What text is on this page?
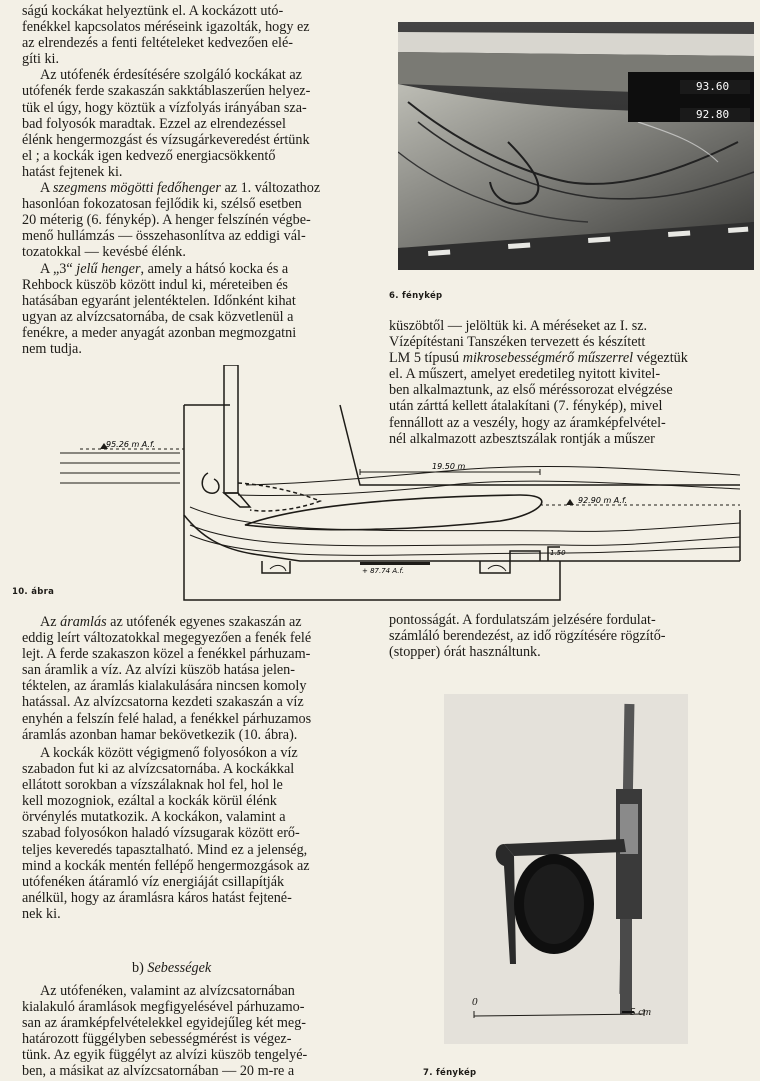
ságú kockákat helyeztünk el. A kockázott utó-
fenékkel kapcsolatos méréseink igazolták, hogy ez
az elrendezés a fenti feltételeket kedvezően elé-
gíti ki.
Az utófenék érdesítésére szolgáló kockákat az
utófenék ferde szakaszán sakktáblaszerűen helyez-
tük el úgy, hogy köztük a vízfolyás irányában sza-
bad folyosók maradtak. Ezzel az elrendezéssel
élénk hengermozgást és vízsugárkeveredést értünk
el ; a kockák igen kedvező energiacsökkentő
hatást fejtenek ki.
A szegmens mögötti fedőhenger az 1. változathoz
hasonlóan fokozatosan fejlődik ki, szélső esetben
20 méterig (6. fénykép). A henger felszínén végbe-
menő hullámzás — összehasonlítva az eddigi vál-
tozatokkal — kevésbé élénk.
A „3“ jelű henger, amely a hátsó kocka és a
Rehbock küszöb között indul ki, méreteiben és
hatásában egyaránt jelentéktelen. Időnként kihat
ugyan az alvízcsatornába, de csak közvetlenül a
fenékre, a meder anyagát azonban megmozgatni
nem tudja.
93.60
92.80
6. fénykép
küszöbtől — jelöltük ki. A méréseket az I. sz.
Vízépítéstani Tanszéken tervezett és készített
LM 5 típusú mikrosebességmérő műszerrel végeztük
el. A műszert, amelyet eredetileg nyitott kivitel-
ben alkalmaztunk, az első méréssorozat elvégzése
után zárttá kellett átalakítani (7. fénykép), mivel
fennállott az a veszély, hogy az áramképfelvétel-
nél alkalmazott azbesztszálak rontják a műszer
95.26 m A.f.
19.50 m
92.90 m A.f.
1.50
+ 87.74 A.f.
10. ábra
Az áramlás az utófenék egyenes szakaszán az
eddig leírt változatokkal megegyezően a fenék felé
lejt. A ferde szakaszon közel a fenékkel párhuzam-
san áramlik a víz. Az alvízi küszöb hatása jelen-
téktelen, az áramlás kialakulására nincsen komoly
hatással. Az alvízcsatorna kezdeti szakaszán a víz
enyhén a felszín felé halad, a fenékkel párhuzamos
áramlás azonban hamar bekövetkezik (10. ábra).
A kockák között végigmenő folyosókon a víz
szabadon fut ki az alvízcsatornába. A kockákkal
ellátott sorokban a vízszálaknak hol fel, hol le
kell mozogniok, ezáltal a kockák körül élénk
örvénylés mutatkozik. A kockákon, valamint a
szabad folyosókon haladó vízsugarak között erő-
teljes keveredés tapasztalható. Mind ez a jelenség,
mind a kockák mentén fellépő hengermozgások az
utófenéken átáramló víz energiáját csillapítják
anélkül, hogy az áramlásra káros hatást fejtené-
nek ki.
b) Sebességek
Az utófenéken, valamint az alvízcsatornában
kialakuló áramlások megfigyelésével párhuzamo-
san az áramképfelvételekkel egyidejűleg két meg-
határozott függélyben sebességmérést is végez-
tünk. Az egyik függélyt az alvízi küszöb tengelyé-
ben, a másikat az alvízcsatornában — 20 m-re a
pontosságát. A fordulatszám jelzésére fordulat-
számláló berendezést, az idő rögzítésére rögzítő-
(stopper) órát használtunk.
0
5 cm
7. fénykép
